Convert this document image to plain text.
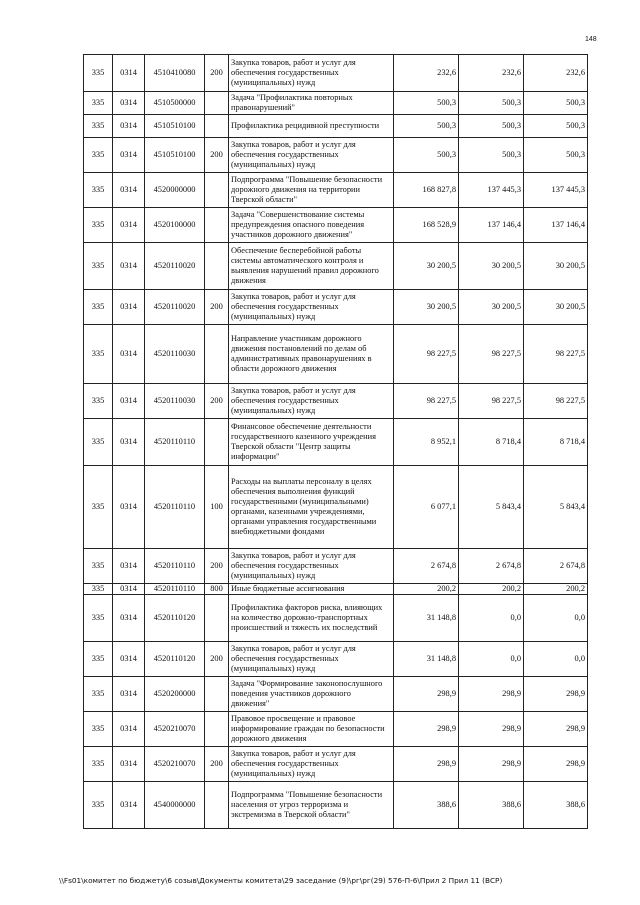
148
335	0314	4510410080	200	Закупка товаров, работ и услуг для обеспечения государственных (муниципальных) нужд	232,6	232,6	232,6
335	0314	4510500000		Задача "Профилактика повторных правонарушений"	500,3	500,3	500,3
335	0314	4510510100		Профилактика рецидивной преступности	500,3	500,3	500,3
335	0314	4510510100	200	Закупка товаров, работ и услуг для обеспечения государственных (муниципальных) нужд	500,3	500,3	500,3
335	0314	4520000000		Подпрограмма "Повышение безопасности дорожного движения на территории Тверской области"	168 827,8	137 445,3	137 445,3
335	0314	4520100000		Задача "Совершенствование системы предупреждения опасного поведения участников дорожного движения"	168 528,9	137 146,4	137 146,4
335	0314	4520110020		Обеспечение бесперебойной работы системы автоматического контроля и выявления нарушений правил дорожного движения	30 200,5	30 200,5	30 200,5
335	0314	4520110020	200	Закупка товаров, работ и услуг для обеспечения государственных (муниципальных) нужд	30 200,5	30 200,5	30 200,5
335	0314	4520110030		Направление участникам дорожного движения постановлений по делам об административных правонарушениях в области дорожного движения	98 227,5	98 227,5	98 227,5
335	0314	4520110030	200	Закупка товаров, работ и услуг для обеспечения государственных (муниципальных) нужд	98 227,5	98 227,5	98 227,5
335	0314	4520110110		Финансовое обеспечение деятельности государственного казенного учреждения Тверской области "Центр защиты информации"	8 952,1	8 718,4	8 718,4
335	0314	4520110110	100	Расходы на выплаты персоналу в целях обеспечения выполнения функций государственными (муниципальными) органами, казенными учреждениями, органами управления государственными внебюджетными фондами	6 077,1	5 843,4	5 843,4
335	0314	4520110110	200	Закупка товаров, работ и услуг для обеспечения государственных (муниципальных) нужд	2 674,8	2 674,8	2 674,8
335	0314	4520110110	800	Иные бюджетные ассигнования	200,2	200,2	200,2
335	0314	4520110120		Профилактика факторов риска, влияющих на количество дорожно-транспортных происшествий и тяжесть их последствий	31 148,8	0,0	0,0
335	0314	4520110120	200	Закупка товаров, работ и услуг для обеспечения государственных (муниципальных) нужд	31 148,8	0,0	0,0
335	0314	4520200000		Задача "Формирование законопослушного поведения участников дорожного движения"	298,9	298,9	298,9
335	0314	4520210070		Правовое просвещение и правовое информирование граждан по безопасности дорожного движения	298,9	298,9	298,9
335	0314	4520210070	200	Закупка товаров, работ и услуг для обеспечения государственных (муниципальных) нужд	298,9	298,9	298,9
335	0314	4540000000		Подпрограмма "Повышение безопасности населения от угроз терроризма и экстремизма в Тверской области"	388,6	388,6	388,6
\\Fs01\комитет по бюджету\6 созыв\Документы комитета\29 заседание (9)\рг\рг(29) 576-П-6\Прил 2 Прил 11 (ВСР)
